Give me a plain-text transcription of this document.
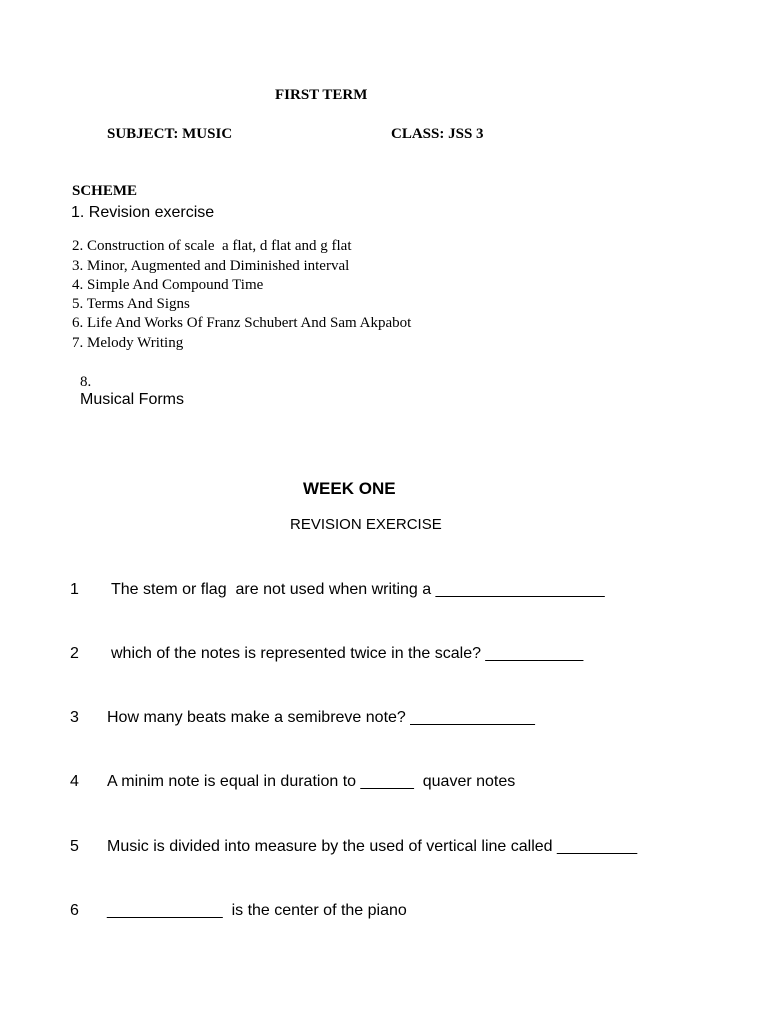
FIRST TERM
SUBJECT: MUSIC	CLASS: JSS 3
SCHEME
1. Revision exercise
2. Construction of scale  a flat, d flat and g flat
3. Minor, Augmented and Diminished interval
4. Simple And Compound Time
5. Terms And Signs
6. Life And Works Of Franz Schubert And Sam Akpabot
7. Melody Writing

8.
Musical Forms

WEEK ONE
REVISION EXERCISE
1 The stem or flag  are not used when writing a ___________________
2 which of the notes is represented twice in the scale? ___________
3 How many beats make a semibreve note? ______________
4 A minim note is equal in duration to ______  quaver notes
5 Music is divided into measure by the used of vertical line called _________
6 _____________  is the center of the piano
